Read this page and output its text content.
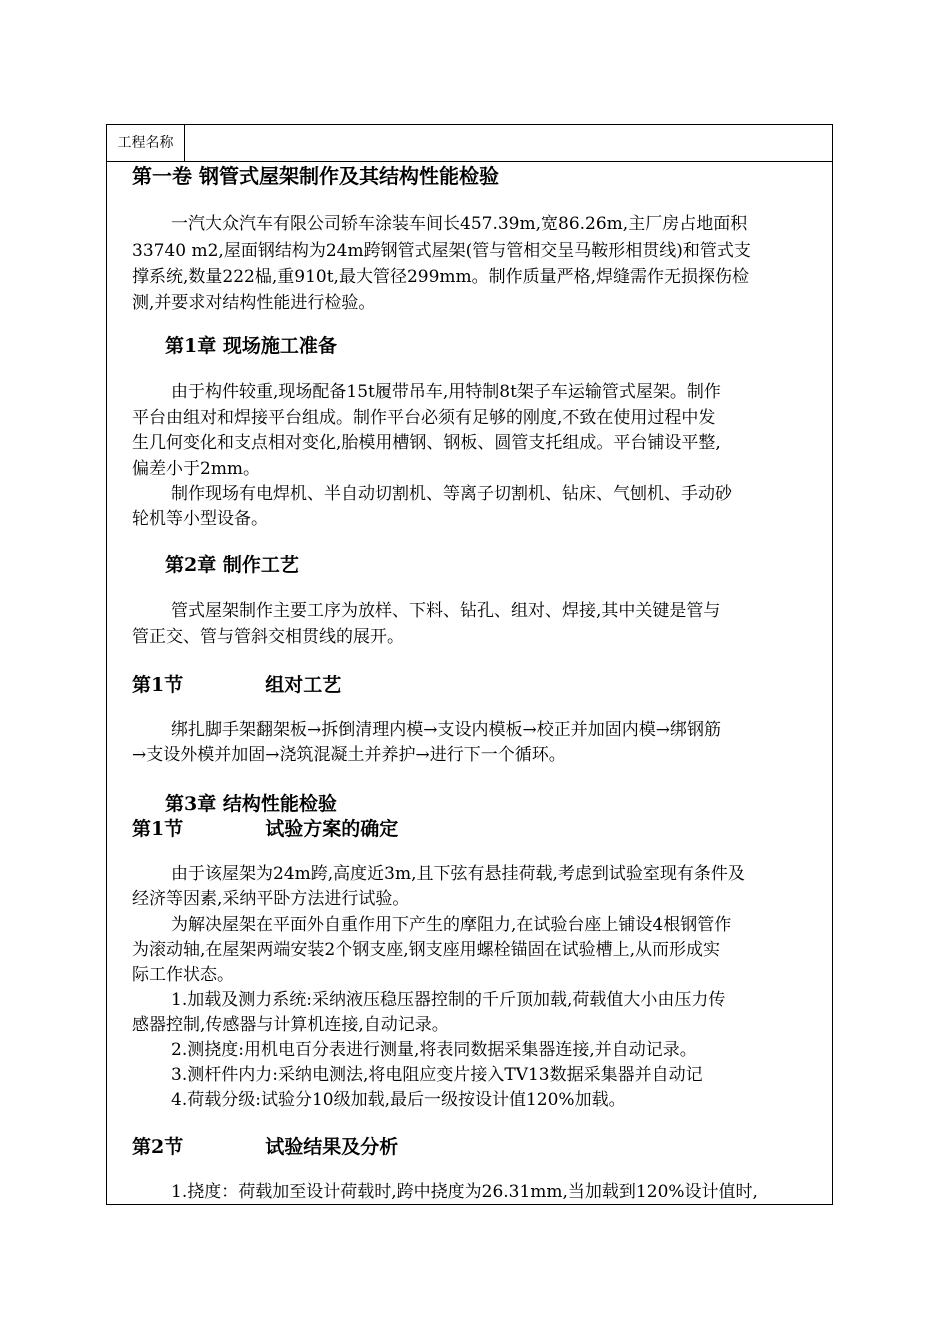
工程名称
第一卷 钢管式屋架制作及其结构性能检验
一汽大众汽车有限公司轿车涂装车间长457.39m,宽86.26m,主厂房占地面积
33740 m2,屋面钢结构为24m跨钢管式屋架(管与管相交呈马鞍形相贯线)和管式支
撑系统,数量222榀,重910t,最大管径299mm。制作质量严格,焊缝需作无损探伤检
测,并要求对结构性能进行检验。
第1章 现场施工准备
由于构件较重,现场配备15t履带吊车,用特制8t架子车运输管式屋架。制作
平台由组对和焊接平台组成。制作平台必须有足够的刚度,不致在使用过程中发
生几何变化和支点相对变化,胎模用槽钢、钢板、圆管支托组成。平台铺设平整,
偏差小于2mm。
制作现场有电焊机、半自动切割机、等离子切割机、钻床、气刨机、手动砂
轮机等小型设备。
第2章 制作工艺
管式屋架制作主要工序为放样、下料、钻孔、组对、焊接,其中关键是管与
管正交、管与管斜交相贯线的展开。
第1节	组对工艺
绑扎脚手架翻架板→拆倒清理内模→支设内模板→校正并加固内模→绑钢筋
→支设外模并加固→浇筑混凝土并养护→进行下一个循环。
第3章 结构性能检验
第1节	试验方案的确定
由于该屋架为24m跨,高度近3m,且下弦有悬挂荷载,考虑到试验室现有条件及
经济等因素,采纳平卧方法进行试验。
为解决屋架在平面外自重作用下产生的摩阻力,在试验台座上铺设4根钢管作
为滚动轴,在屋架两端安装2个钢支座,钢支座用螺栓锚固在试验槽上,从而形成实
际工作状态。
1.加载及测力系统:采纳液压稳压器控制的千斤顶加载,荷载值大小由压力传
感器控制,传感器与计算机连接,自动记录。
2.测挠度:用机电百分表进行测量,将表同数据采集器连接,并自动记录。
3.测杆件内力:采纳电测法,将电阻应变片接入TV13数据采集器并自动记
4.荷载分级:试验分10级加载,最后一级按设计值120%加载。
第2节	试验结果及分析
1.挠度：荷载加至设计荷载时,跨中挠度为26.31mm,当加载到120%设计值时,
